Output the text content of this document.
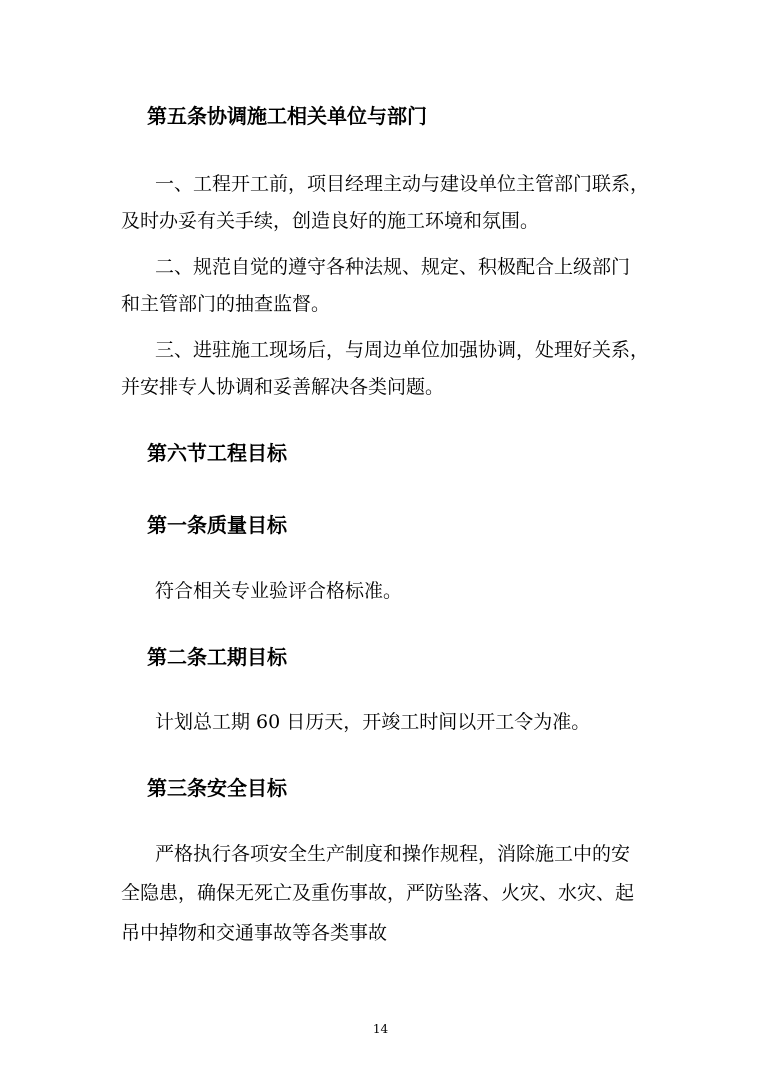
第五条协调施工相关单位与部门
一、工程开工前，项目经理主动与建设单位主管部门联系，
及时办妥有关手续，创造良好的施工环境和氛围。
二、规范自觉的遵守各种法规、规定、积极配合上级部门
和主管部门的抽查监督。
三、进驻施工现场后，与周边单位加强协调，处理好关系，
并安排专人协调和妥善解决各类问题。
第六节工程目标
第一条质量目标
符合相关专业验评合格标准。
第二条工期目标
计划总工期 60 日历天，开竣工时间以开工令为准。
第三条安全目标
严格执行各项安全生产制度和操作规程，消除施工中的安
全隐患，确保无死亡及重伤事故，严防坠落、火灾、水灾、起
吊中掉物和交通事故等各类事故
14
